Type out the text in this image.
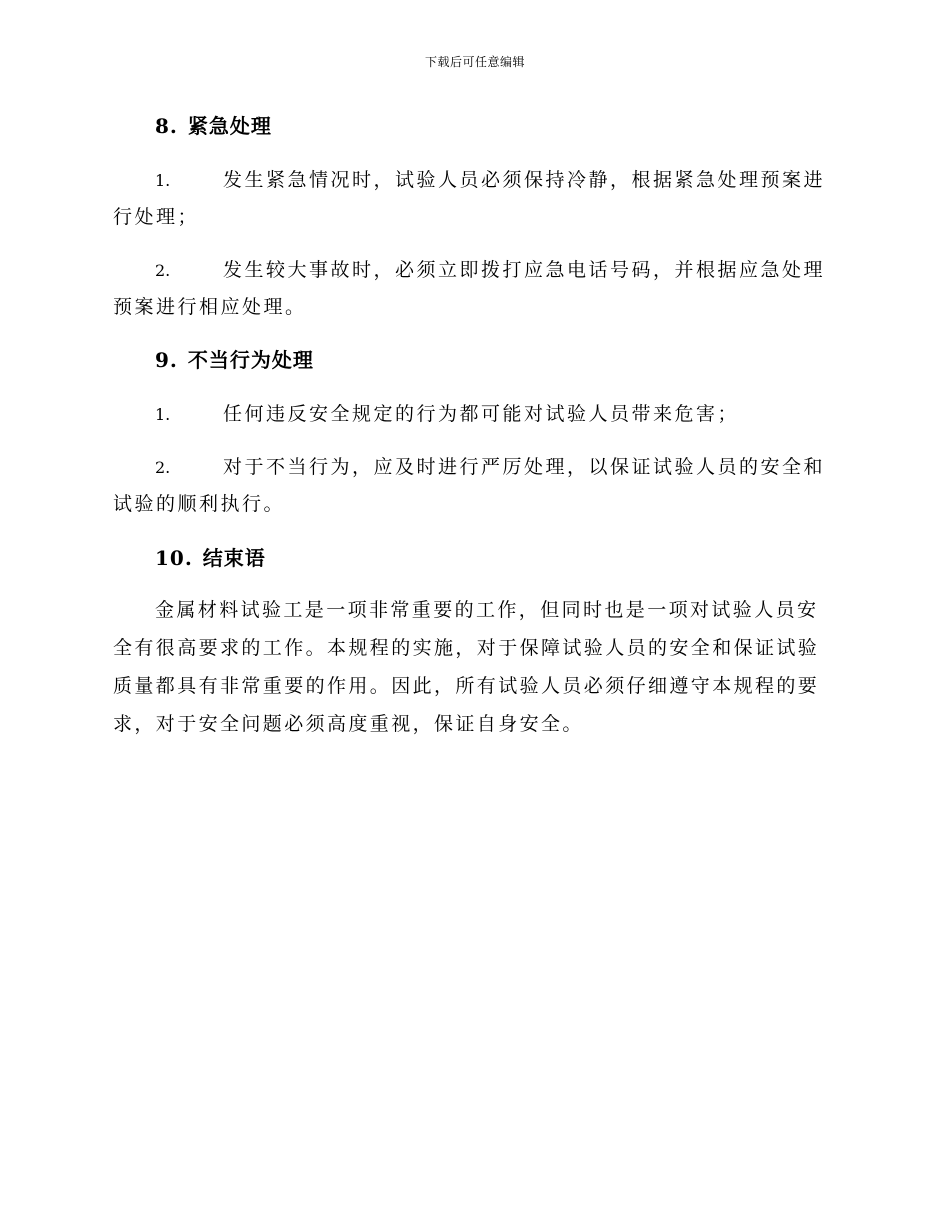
下载后可任意编辑
8. 紧急处理
1.	发生紧急情况时，试验人员必须保持冷静，根据紧急处理预案进行处理；
2.	发生较大事故时，必须立即拨打应急电话号码，并根据应急处理预案进行相应处理。
9. 不当行为处理
1.	任何违反安全规定的行为都可能对试验人员带来危害；
2.	对于不当行为，应及时进行严厉处理，以保证试验人员的安全和试验的顺利执行。
10. 结束语
金属材料试验工是一项非常重要的工作，但同时也是一项对试验人员安全有很高要求的工作。本规程的实施，对于保障试验人员的安全和保证试验质量都具有非常重要的作用。因此，所有试验人员必须仔细遵守本规程的要求，对于安全问题必须高度重视，保证自身安全。
